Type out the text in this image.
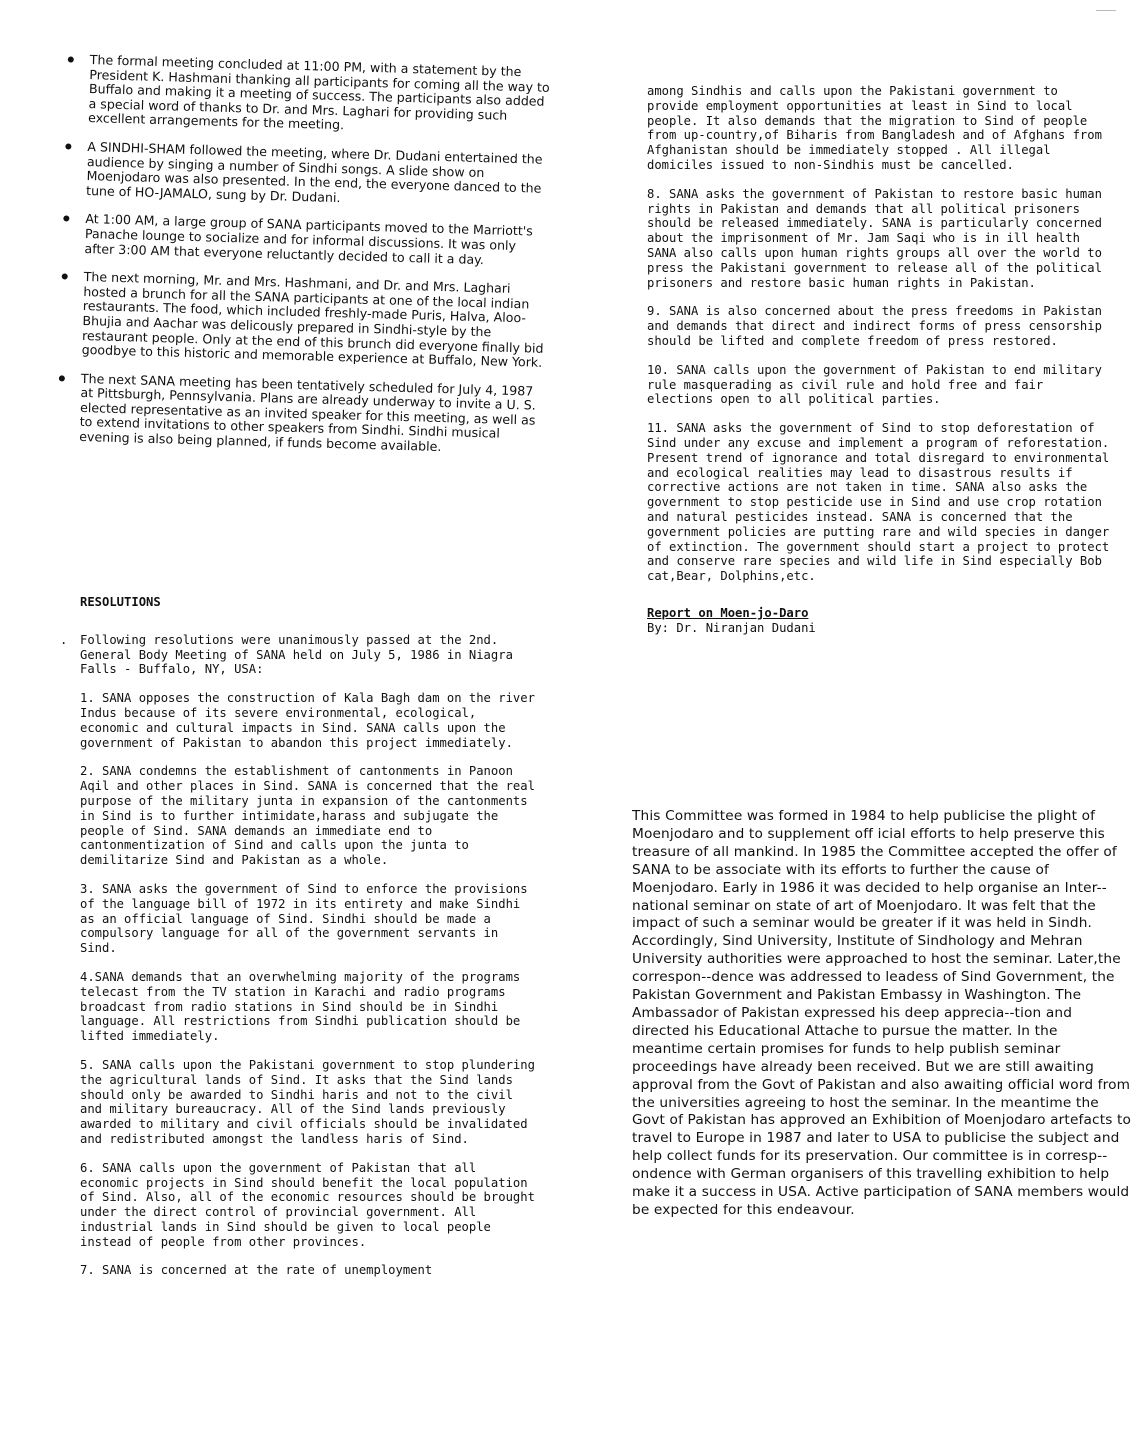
The formal meeting concluded at 11:00 PM, with a statement by the President K. Hashmani thanking all participants for coming all the way to Buffalo and making it a meeting of success. The participants also added a special word of thanks to Dr. and Mrs. Laghari for providing such excellent arrangements for the meeting.
A SINDHI-SHAM followed the meeting, where Dr. Dudani entertained the audience by singing a number of Sindhi songs. A slide show on Moenjodaro was also presented. In the end, the everyone danced to the tune of HO-JAMALO, sung by Dr. Dudani.
At 1:00 AM, a large group of SANA participants moved to the Marriott's Panache lounge to socialize and for informal discussions. It was only after 3:00 AM that everyone reluctantly decided to call it a day.
The next morning, Mr. and Mrs. Hashmani, and Dr. and Mrs. Laghari hosted a brunch for all the SANA participants at one of the local indian restaurants. The food, which included freshly-made Puris, Halva, Aloo-Bhujia and Aachar was delicously prepared in Sindhi-style by the restaurant people. Only at the end of this brunch did everyone finally bid goodbye to this historic and memorable experience at Buffalo, New York.
The next SANA meeting has been tentatively scheduled for July 4, 1987 at Pittsburgh, Pennsylvania. Plans are already underway to invite a U. S. elected representative as an invited speaker for this meeting, as well as to extend invitations to other speakers from Sindhi. Sindhi musical evening is also being planned, if funds become available.
RESOLUTIONS
. Following resolutions were unanimously passed at the 2nd. General Body Meeting of SANA held on July 5, 1986 in Niagra Falls - Buffalo, NY, USA:
1. SANA opposes the construction of Kala Bagh dam on the river Indus because of its severe environmental, ecological, economic and cultural impacts in Sind. SANA calls upon the government of Pakistan to abandon this project immediately.
2. SANA condemns the establishment of cantonments in Panoon Aqil and other places in Sind. SANA is concerned that the real purpose of the military junta in expansion of the cantonments in Sind is to further intimidate,harass and subjugate the people of Sind. SANA demands an immediate end to cantonmentization of Sind and calls upon the junta to demilitarize Sind and Pakistan as a whole.
3. SANA asks the government of Sind to enforce the provisions of the language bill of 1972 in its entirety and make Sindhi as an official language of Sind. Sindhi should be made a compulsory language for all of the government servants in Sind.
4.SANA demands that an overwhelming majority of the programs telecast from the TV station in Karachi and radio programs broadcast from radio stations in Sind should be in Sindhi language. All restrictions from Sindhi publication should be lifted immediately.
5. SANA calls upon the Pakistani government to stop plundering the agricultural lands of Sind. It asks that the Sind lands should only be awarded to Sindhi haris and not to the civil and military bureaucracy. All of the Sind lands previously awarded to military and civil officials should be invalidated and redistributed amongst the landless haris of Sind.
6. SANA calls upon the government of Pakistan that all economic projects in Sind should benefit the local population of Sind. Also, all of the economic resources should be brought under the direct control of provincial government. All industrial lands in Sind should be given to local people instead of people from other provinces.
7. SANA is concerned at the rate of unemployment
among Sindhis and calls upon the Pakistani government to provide employment opportunities at least in Sind to local people. It also demands that the migration to Sind of people from up-country,of Biharis from Bangladesh and of Afghans from Afghanistan should be immediately stopped . All illegal domiciles issued to non-Sindhis must be cancelled.
8. SANA asks the government of Pakistan to restore basic human rights in Pakistan and demands that all political prisoners should be released immediately. SANA is particularly concerned about the imprisonment of Mr. Jam Saqi who is in ill health SANA also calls upon human rights groups all over the world to press the Pakistani government to release all of the political prisoners and restore basic human rights in Pakistan.
9. SANA is also concerned about the press freedoms in Pakistan and demands that direct and indirect forms of press censorship should be lifted and complete freedom of press restored.
10. SANA calls upon the government of Pakistan to end military rule masquerading as civil rule and hold free and fair elections open to all political parties.
11. SANA asks the government of Sind to stop deforestation of Sind under any excuse and implement a program of reforestation. Present trend of ignorance and total disregard to environmental and ecological realities may lead to disastrous results if corrective actions are not taken in time. SANA also asks the government to stop pesticide use in Sind and use crop rotation and natural pesticides instead. SANA is concerned that the government policies are putting rare and wild species in danger of extinction. The government should start a project to protect and conserve rare species and wild life in Sind especially Bob cat,Bear, Dolphins,etc.
Report on Moen-jo-Daro
By: Dr. Niranjan Dudani
This Committee was formed in 1984 to help publicise the plight of Moenjodaro and to supplement off icial efforts to help preserve this treasure of all mankind. In 1985 the Committee accepted the offer of SANA to be associate with its efforts to further the cause of Moenjodaro. Early in 1986 it was decided to help organise an Inter--national seminar on state of art of Moenjodaro. It was felt that the impact of such a seminar would be greater if it was held in Sindh. Accordingly, Sind University, Institute of Sindhology and Mehran University authorities were approached to host the seminar. Later,the correspon--dence was addressed to leadess of Sind Government, the Pakistan Government and Pakistan Embassy in Washington. The Ambassador of Pakistan expressed his deep apprecia--tion and directed his Educational Attache to pursue the matter. In the meantime certain promises for funds to help publish seminar proceedings have already been received. But we are still awaiting approval from the Govt of Pakistan and also awaiting official word from the universities agreeing to host the seminar. In the meantime the Govt of Pakistan has approved an Exhibition of Moenjodaro artefacts to travel to Europe in 1987 and later to USA to publicise the subject and help collect funds for its preservation. Our committee is in corresp--ondence with German organisers of this travelling exhibition to help make it a success in USA. Active participation of SANA members would be expected for this endeavour.
